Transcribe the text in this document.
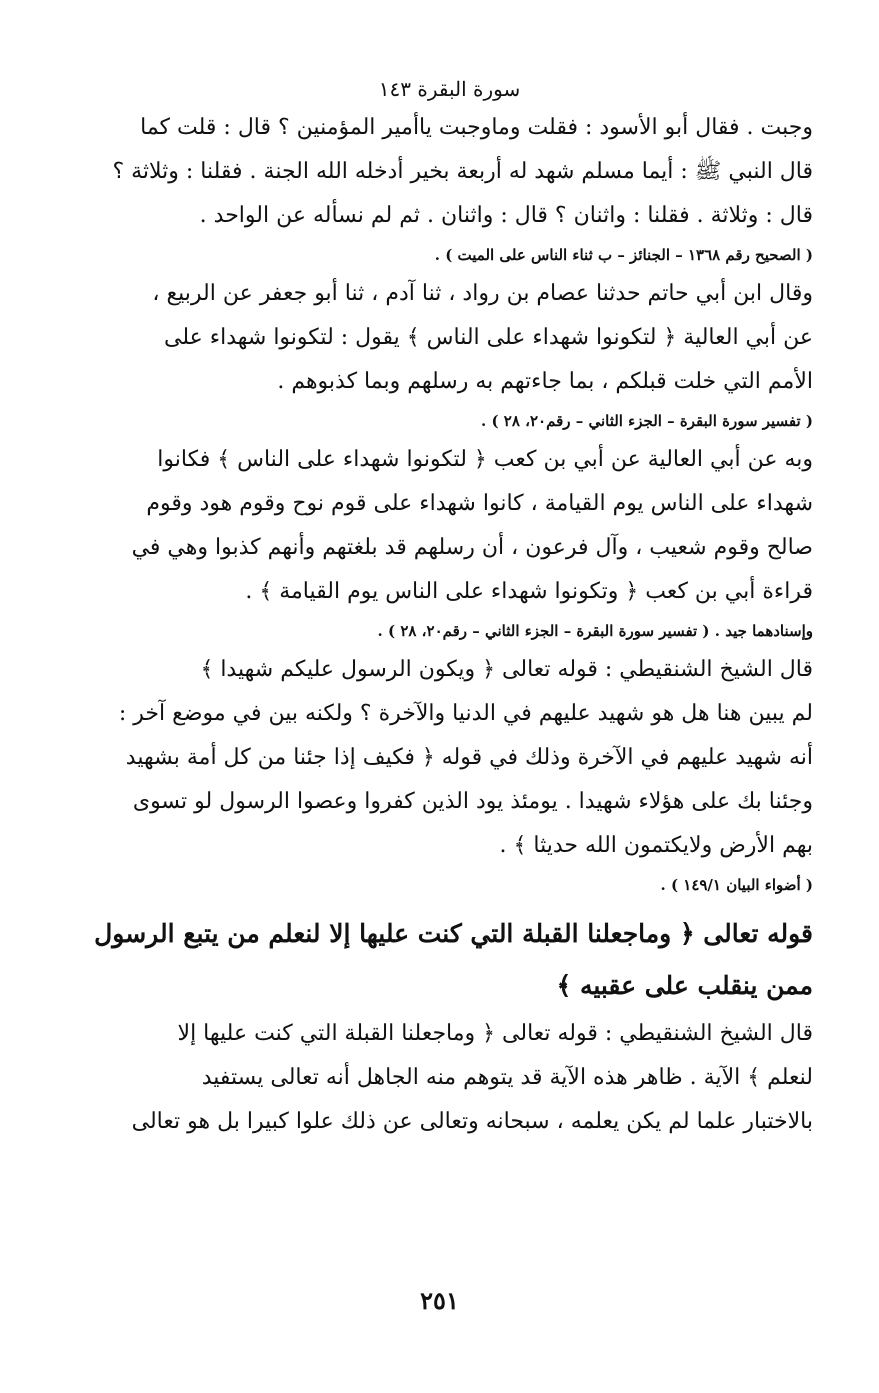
سورة البقرة ١٤٣
وجبت . فقال أبو الأسود : فقلت وماوجبت ياأمير المؤمنين ؟ قال : قلت كما
قال النبي ﷺ : أيما مسلم شهد له أربعة بخير أدخله الله الجنة . فقلنا : وثلاثة ؟
قال : وثلاثة . فقلنا : واثنان ؟ قال : واثنان . ثم لم نسأله عن الواحد .
( الصحيح رقم ١٣٦٨ – الجنائز – ب ثناء الناس على الميت ) .
وقال ابن أبي حاتم حدثنا عصام بن رواد ، ثنا آدم ، ثنا أبو جعفر عن الربيع ،
عن أبي العالية ﴿ لتكونوا شهداء على الناس ﴾ يقول : لتكونوا شهداء على
الأمم التي خلت قبلكم ، بما جاءتهم به رسلهم وبما كذبوهم .
( تفسير سورة البقرة – الجزء الثاني – رقم٢٠، ٢٨ ) .
وبه عن أبي العالية عن أبي بن كعب ﴿ لتكونوا شهداء على الناس ﴾ فكانوا
شهداء على الناس يوم القيامة ، كانوا شهداء على قوم نوح وقوم هود وقوم
صالح وقوم شعيب ، وآل فرعون ، أن رسلهم قد بلغتهم وأنهم كذبوا وهي في
قراءة أبي بن كعب ﴿ وتكونوا شهداء على الناس يوم القيامة ﴾ .
وإسنادهما جيد . ( تفسير سورة البقرة – الجزء الثاني – رقم٢٠، ٢٨ ) .
قال الشيخ الشنقيطي : قوله تعالى ﴿ ويكون الرسول عليكم شهيدا ﴾
لم يبين هنا هل هو شهيد عليهم في الدنيا والآخرة ؟ ولكنه بين في موضع آخر :
أنه شهيد عليهم في الآخرة وذلك في قوله ﴿ فكيف إذا جئنا من كل أمة بشهيد
وجئنا بك على هؤلاء شهيدا . يومئذ يود الذين كفروا وعصوا الرسول لو تسوى
بهم الأرض ولايكتمون الله حديثا ﴾ .
( أضواء البيان ١٤٩/١ ) .
قوله تعالى ﴿ وماجعلنا القبلة التي كنت عليها إلا لنعلم من يتبع الرسول
ممن ينقلب على عقبيه ﴾
قال الشيخ الشنقيطي : قوله تعالى ﴿ وماجعلنا القبلة التي كنت عليها إلا
لنعلم ﴾ الآية . ظاهر هذه الآية قد يتوهم منه الجاهل أنه تعالى يستفيد
بالاختبار علما لم يكن يعلمه ، سبحانه وتعالى عن ذلك علوا كبيرا بل هو تعالى
٢٥١
